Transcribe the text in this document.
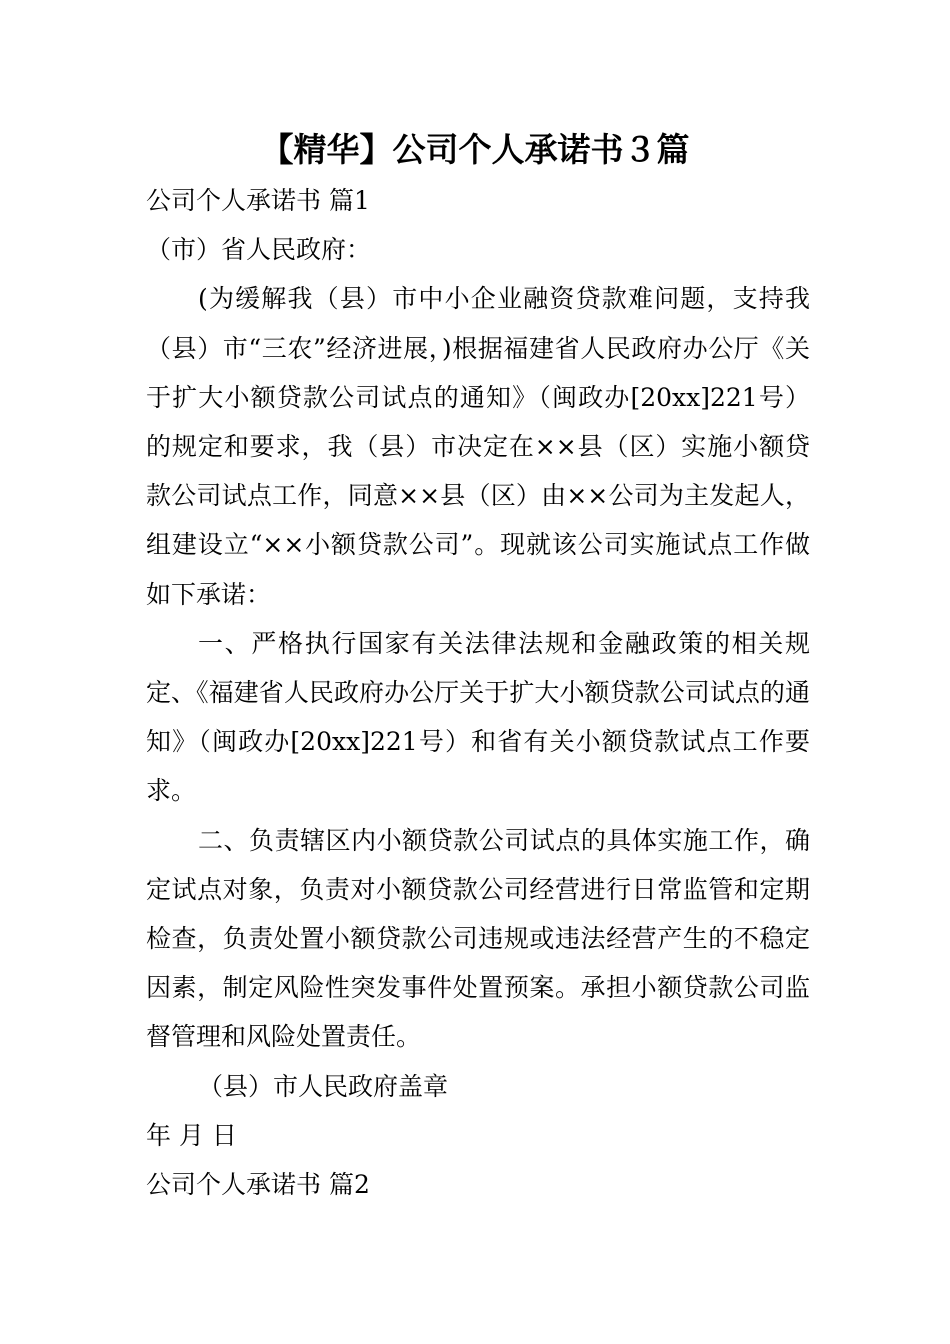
【精华】公司个人承诺书３篇

公司个人承诺书 篇1

（市）省人民政府：

(为缓解我（县）市中小企业融资贷款难问题，支持我（县）市“三农”经济进展，)根据福建省人民政府办公厅《关于扩大小额贷款公司试点的通知》（闽政办[20xx]221号）的规定和要求，我（县）市决定在××县（区）实施小额贷款公司试点工作，同意××县（区）由××公司为主发起人，组建设立“××小额贷款公司”。现就该公司实施试点工作做如下承诺：

一、严格执行国家有关法律法规和金融政策的相关规定、《福建省人民政府办公厅关于扩大小额贷款公司试点的通知》（闽政办[20xx]221号）和省有关小额贷款试点工作要求。

二、负责辖区内小额贷款公司试点的具体实施工作，确定试点对象，负责对小额贷款公司经营进行日常监管和定期检查，负责处置小额贷款公司违规或违法经营产生的不稳定因素，制定风险性突发事件处置预案。承担小额贷款公司监督管理和风险处置责任。

（县）市人民政府盖章

年 月 日

公司个人承诺书 篇2
